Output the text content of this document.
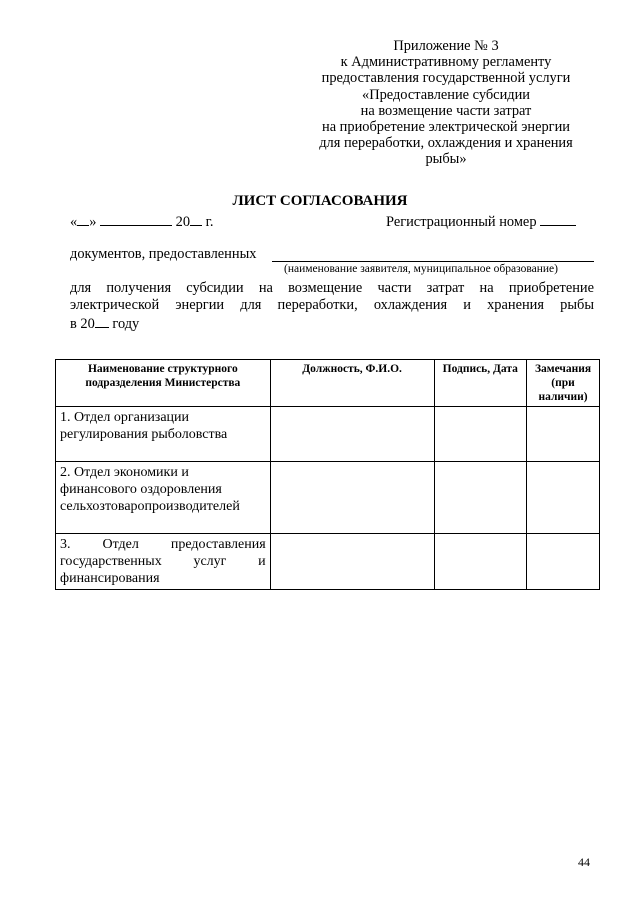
Приложение № 3
к Административному регламенту
предоставления государственной услуги
«Предоставление субсидии
на возмещение части затрат
на приобретение электрической энергии
для переработки, охлаждения и хранения
рыбы»
ЛИСТ СОГЛАСОВАНИЯ
« »	20 г.	Регистрационный номер
документов, предоставленных
(наименование заявителя, муниципальное образование)
для получения субсидии на возмещение части затрат на приобретение
электрической энергии для переработки, охлаждения и хранения рыбы
в 20 году
Наименование структурного подразделения Министерства	Должность, Ф.И.О.	Подпись, Дата	Замечания (при наличии)
1. Отдел организации регулирования рыболовства			
2. Отдел экономики и финансового оздоровления сельхозтоваропроизводителей			
3. Отдел предоставления государственных услуг и финансирования			
44
